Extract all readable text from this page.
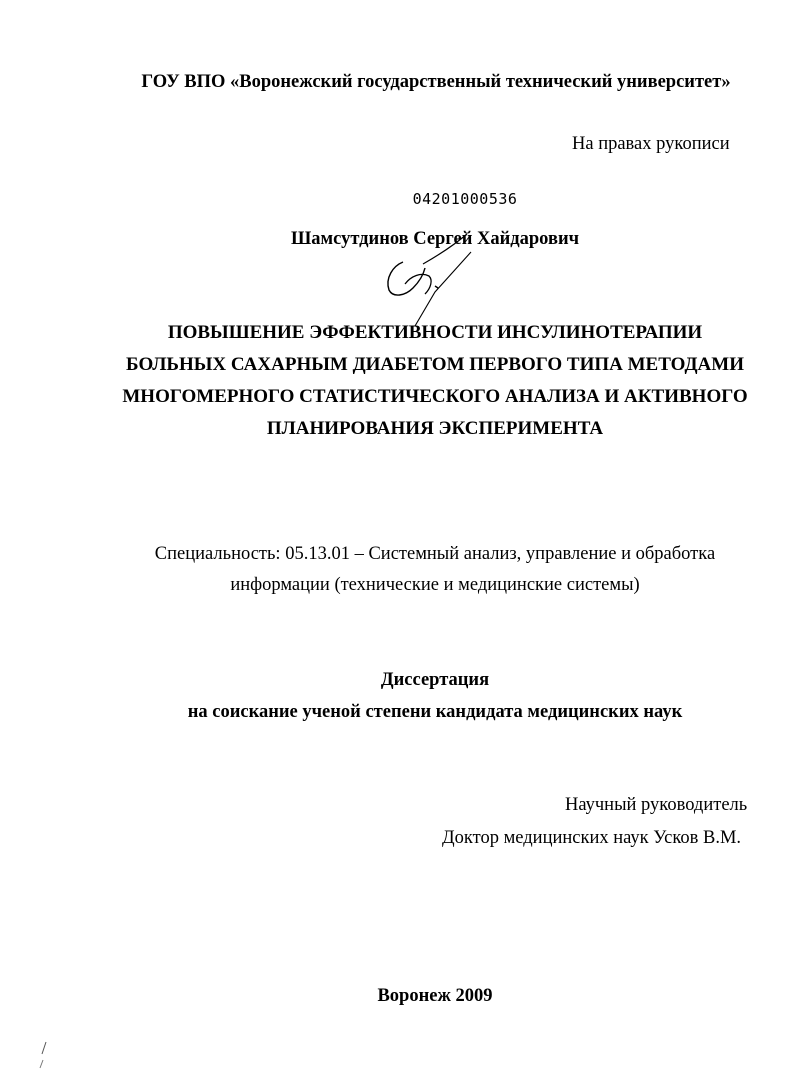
ГОУ ВПО «Воронежский государственный технический университет»
На правах рукописи
04201000536
Шамсутдинов Сергей Хайдарович
ПОВЫШЕНИЕ ЭФФЕКТИВНОСТИ ИНСУЛИНОТЕРАПИИ
БОЛЬНЫХ САХАРНЫМ ДИАБЕТОМ ПЕРВОГО ТИПА МЕТОДАМИ
МНОГОМЕРНОГО СТАТИСТИЧЕСКОГО АНАЛИЗА И АКТИВНОГО
ПЛАНИРОВАНИЯ ЭКСПЕРИМЕНТА
Специальность: 05.13.01 – Системный анализ, управление и обработка
информации (технические и медицинские системы)
Диссертация
на соискание ученой степени кандидата медицинских наук
Научный руководитель
Доктор медицинских наук Усков В.М.
Воронеж 2009
